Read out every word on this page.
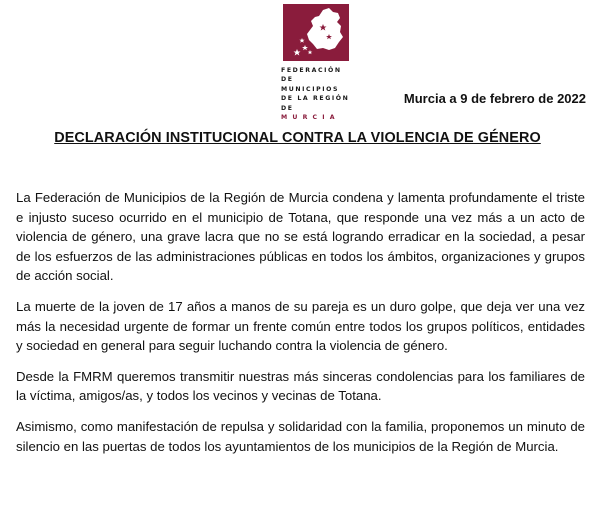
FEDERACIÓN DE
MUNICIPIOS
DE LA REGIÓN DE
MURCIA
Murcia a 9 de febrero de 2022
DECLARACIÓN INSTITUCIONAL CONTRA LA VIOLENCIA DE GÉNERO

La Federación de Municipios de la Región de Murcia condena y lamenta profundamente el triste e injusto suceso ocurrido en el municipio de Totana, que responde una vez más a un acto de violencia de género, una grave lacra que no se está logrando erradicar en la sociedad, a pesar de los esfuerzos de las administraciones públicas en todos los ámbitos, organizaciones y grupos de acción social.

La muerte de la joven de 17 años a manos de su pareja es un duro golpe, que deja ver una vez más la necesidad urgente de formar un frente común entre todos los grupos políticos, entidades y sociedad en general para seguir luchando contra la violencia de género.

Desde la FMRM queremos transmitir nuestras más sinceras condolencias para los familiares de la víctima, amigos/as, y todos los vecinos y vecinas de Totana.

Asimismo, como manifestación de repulsa y solidaridad con la familia, proponemos un minuto de silencio en las puertas de todos los ayuntamientos de los municipios de la Región de Murcia.
